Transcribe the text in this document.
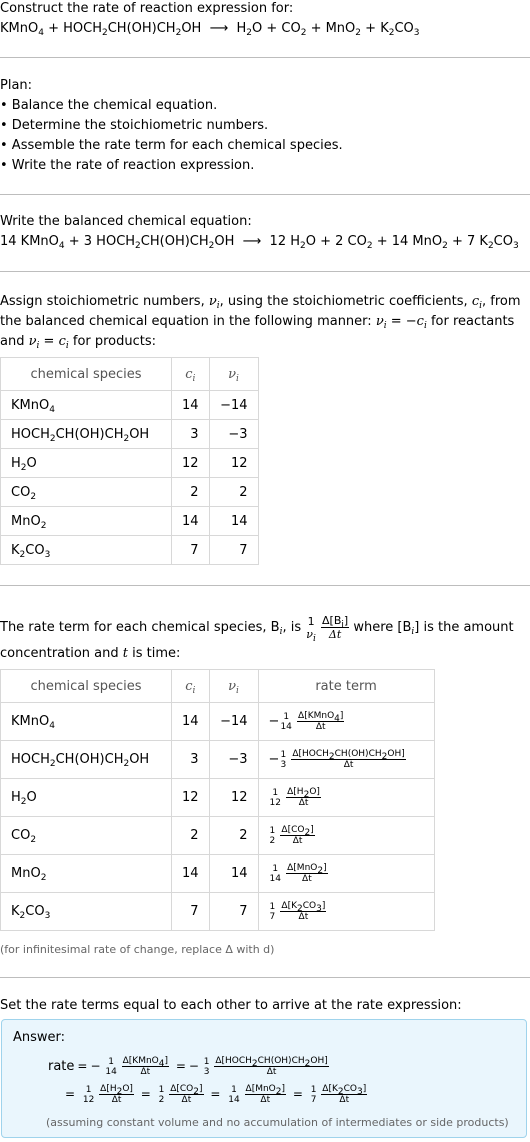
Construct the rate of reaction expression for:
KMnO$_4$ + $HOCH_2CH(OH)CH_2OH$  ⟶  $H_2O + CO_2 + MnO_2 + K_2CO_3$
Plan:
• Balance the chemical equation.
• Determine the stoichiometric numbers.
• Assemble the rate term for each chemical species.
• Write the rate of reaction expression.
Write the balanced chemical equation:
14 KMnO$_4$ + 3 $HOCH_2CH(OH)CH_2OH$  ⟶  12 $H_2O + 2$ $CO_2 + 14$ MnO$_2$ + 7 $K_2CO_3$
Assign stoichiometric numbers, $\nu_i$, using the stoichiometric coefficients, $c_i$, from
the balanced chemical equation in the following manner: $\nu_i = -c_i$ for reactants
and $\nu_i = c_i$ for products:
chemical species	$c_i$	$\nu_i$
KMnO$_4$	14	−14
$HOCH_2CH(OH)CH_2OH$	3	−3
$H_2O$	12	12
$CO_2$	2	2
MnO$_2$	14	14
$K_2CO_3$	7	7
The rate term for each chemical species, $B_i$, is 1
$\nu_i$
$\frac{\Delta[B_i]}{\Delta t}$ where $[B_i]$ is the amount
concentration and t is time:
chemical species	$c_i$	$\nu_i$	rate term
KMnO$_4$	14	−14	− 1
14
$\frac{\Delta[KMnO_4]}{\Delta t}$

$HOCH_2CH(OH)CH_2OH$	3	−3	− 1
3
$\frac{\Delta[HOCH_2CH(OH)CH_2OH]}{\Delta t}$

$H_2O$	12	12	1
12
$\frac{\Delta[H_2O]}{\Delta t}$

$CO_2$	2	2	1
2
$\frac{\Delta[CO_2]}{\Delta t}$

MnO$_2$	14	14	1
14
$\frac{\Delta[MnO_2]}{\Delta t}$

$K_2CO_3$	7	7	1
7
$\frac{\Delta[K_2CO_3]}{\Delta t}$
(for infinitesimal rate of change, replace Δ with d)
Set the rate terms equal to each other to arrive at the rate expression:
Answer:
rate = − 1
14
$\frac{\Delta[KMnO_4]}{\Delta t}$ = − 1
3
$\frac{\Delta[HOCH_2CH(OH)CH_2OH]}{\Delta t}$
=	1
12
$\frac{\Delta[H_2O]}{\Delta t} = 1$
2
$\frac{\Delta[CO_2]}{\Delta t}$ =	1
14
$\frac{\Delta[MnO_2]}{\Delta t} = 1$
7
$\frac{\Delta[K_2CO_3]}{\Delta t}$
(assuming constant volume and no accumulation of intermediates or side products)
